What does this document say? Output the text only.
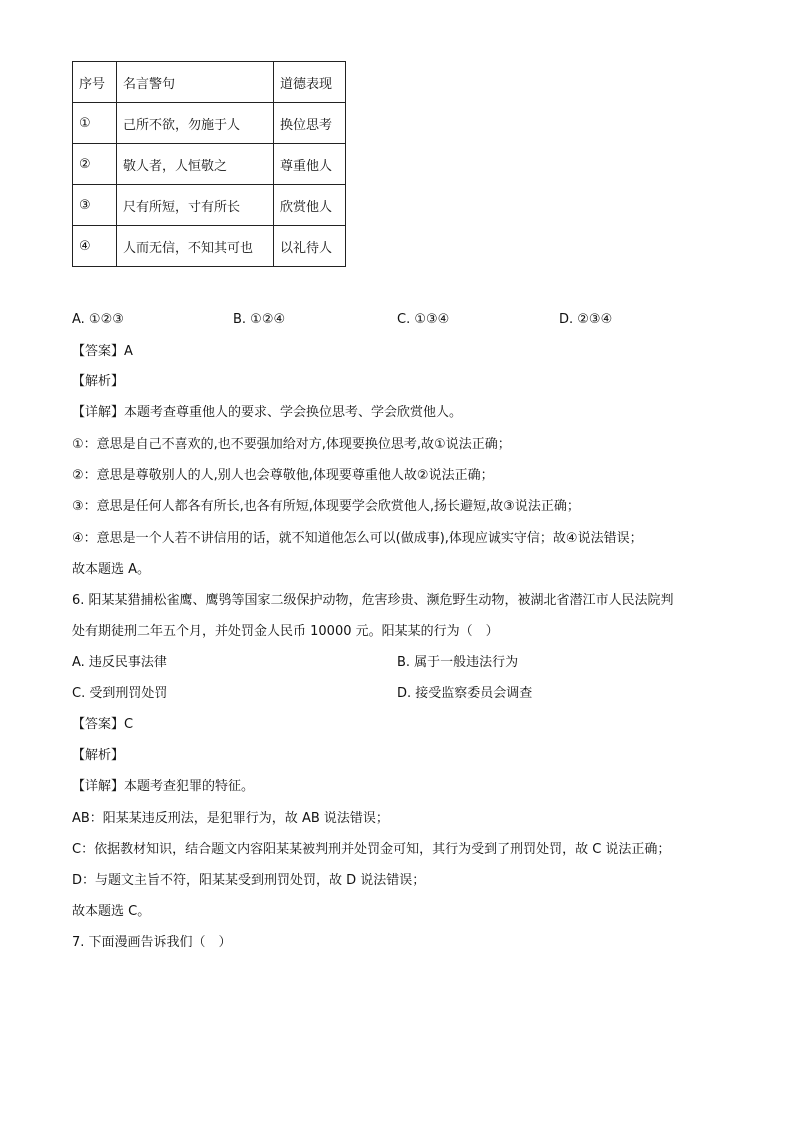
序号	名言警句	道德表现
①	己所不欲，勿施于人	换位思考
②	敬人者，人恒敬之	尊重他人
③	尺有所短，寸有所长	欣赏他人
④	人而无信，不知其可也	以礼待人
A. ①②③	B. ①②④	C. ①③④	D. ②③④
【答案】A
【解析】
【详解】本题考查尊重他人的要求、学会换位思考、学会欣赏他人。
①：意思是自己不喜欢的,也不要强加给对方,体现要换位思考,故①说法正确；
②：意思是尊敬别人的人,别人也会尊敬他,体现要尊重他人故②说法正确；
③：意思是任何人都各有所长,也各有所短,体现要学会欣赏他人,扬长避短,故③说法正确；
④：意思是一个人若不讲信用的话，就不知道他怎么可以(做成事),体现应诚实守信；故④说法错误；
故本题选 A。
6. 阳某某猎捕松雀鹰、鹰鸮等国家二级保护动物，危害珍贵、濒危野生动物，被湖北省潜江市人民法院判
处有期徒刑二年五个月，并处罚金人民币 10000 元。阳某某的行为（　）
A. 违反民事法律	B. 属于一般违法行为
C. 受到刑罚处罚	D. 接受监察委员会调查
【答案】C
【解析】
【详解】本题考查犯罪的特征。
AB：阳某某违反刑法，是犯罪行为，故 AB 说法错误；
C：依据教材知识，结合题文内容阳某某被判刑并处罚金可知，其行为受到了刑罚处罚，故 C 说法正确；
D：与题文主旨不符，阳某某受到刑罚处罚，故 D 说法错误；
故本题选 C。
7. 下面漫画告诉我们（　）
